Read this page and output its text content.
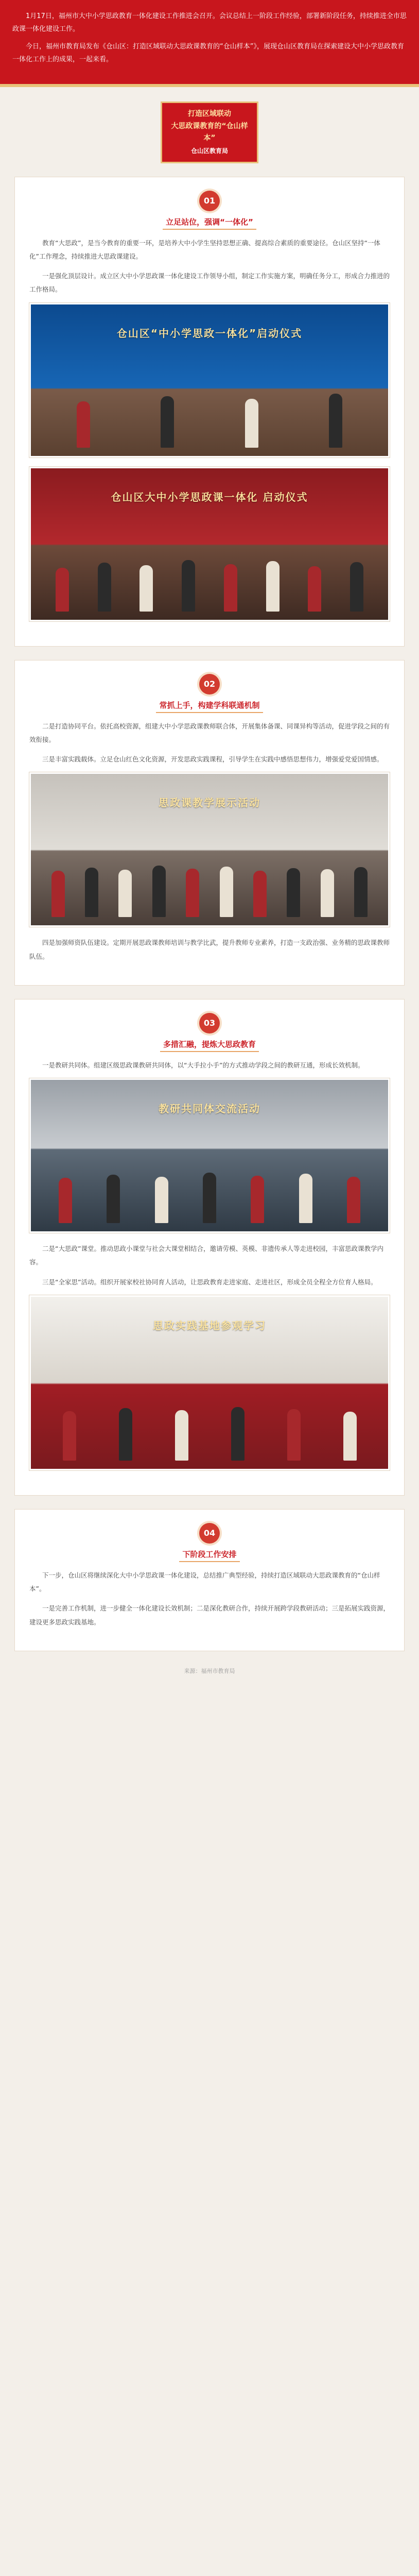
1月17日，福州市大中小学思政教育一体化建设工作推进会召开。会议总结上一阶段工作经验，部署新阶段任务，持续推进全市思政课一体化建设工作。

今日，福州市教育局发布《仓山区：打造区域联动大思政课教育的“仓山样本”》，展现仓山区教育局在探索建设大中小学思政教育一体化工作上的成果，一起来看。

打造区域联动
大思政课教育的“仓山样本”
仓山区教育局
01
立足站位，强调“一体化”

教育“大思政”，是当今教育的重要一环，是培养大中小学生坚持思想正确、提高综合素质的重要途径。仓山区坚持“一体化”工作理念，持续推进大思政课建设。

一是强化顶层设计。成立区大中小学思政课一体化建设工作领导小组，制定工作实施方案，明确任务分工，形成合力推进的工作格局。

仓山区“中小学思政一体化”启动仪式
仓山区大中小学思政课一体化 启动仪式
02
常抓上手，构建学科联通机制

二是打造协同平台。依托高校资源，组建大中小学思政课教师联合体，开展集体备课、同课异构等活动，促进学段之间的有效衔接。

三是丰富实践载体。立足仓山红色文化资源，开发思政实践课程，引导学生在实践中感悟思想伟力，增强爱党爱国情感。

思政课教学展示活动

四是加强师资队伍建设。定期开展思政课教师培训与教学比武，提升教师专业素养，打造一支政治强、业务精的思政课教师队伍。

03
多措汇融，提炼大思政教育

一是教研共同体。组建区级思政课教研共同体，以“大手拉小手”的方式推动学段之间的教研互通，形成长效机制。

教研共同体交流活动

二是“大思政”课堂。推动思政小课堂与社会大课堂相结合，邀请劳模、英模、非遗传承人等走进校园，丰富思政课教学内容。

三是“全家思”活动。组织开展家校社协同育人活动，让思政教育走进家庭、走进社区，形成全员全程全方位育人格局。

思政实践基地参观学习
04
下阶段工作安排

下一步，仓山区将继续深化大中小学思政课一体化建设，总结推广典型经验，持续打造区域联动大思政课教育的“仓山样本”。

一是完善工作机制，进一步健全一体化建设长效机制；二是深化教研合作，持续开展跨学段教研活动；三是拓展实践资源，建设更多思政实践基地。

来源：福州市教育局
